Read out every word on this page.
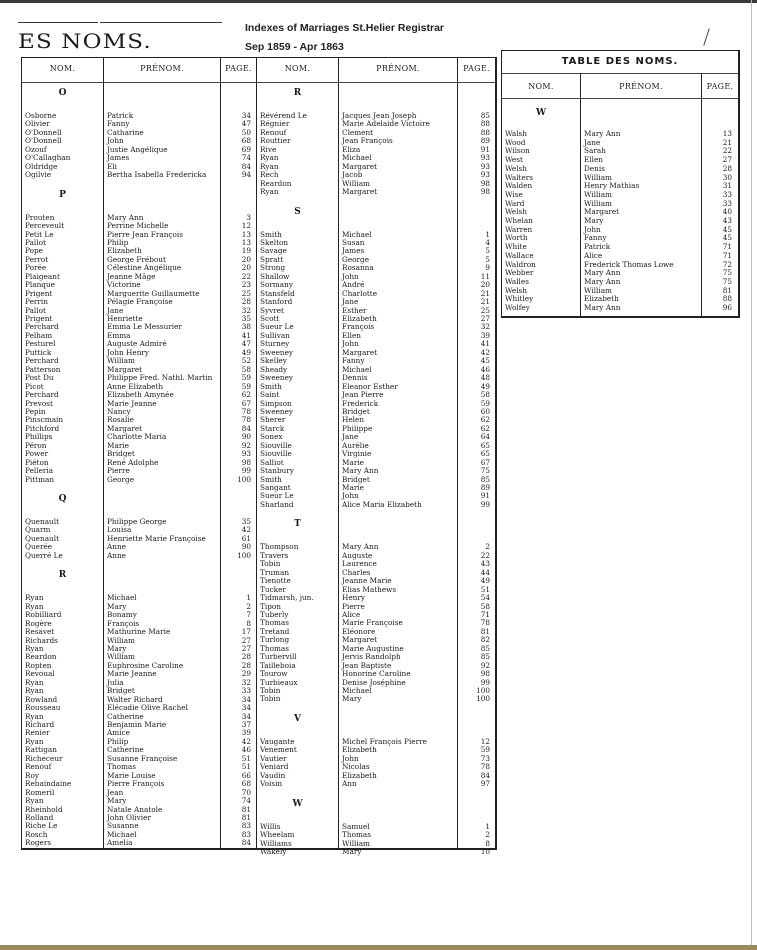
ES NOMS.
Indexes of Marriages St.Helier Registrar
Sep 1859 - Apr 1863
NOM.	PRÉNOM.	PAGE.	NOM.	PRÉNOM.	PAGE.
O
Osborne	Patrick	34
Olivier	Fanny	47
O'Donnell	Catharine	50
O'Donnell	John	68
Ozouf	Justie Angélique	69
O'Callaghan	James	74
Oldridge	Eli	84
Ogilvie	Bertha Isabella Fredericka	94
P
Prouten	Mary Ann	3
Perceveult	Perrine Michelle	12
Petit Le	Pierre Jean François	13
Pallot	Philip	13
Pope	Elizabeth	19
Perrot	George Frébout	20
Porée	Célestine Angélique	20
Plaigeant	Jeanne Mâge	22
Planque	Victorine	23
Prigent	Marguerite Guillaumette	25
Perrin	Pélagie Françoise	28
Pallot	Jane	32
Prigent	Henriette	35
Perchard	Emma Le Messurier	38
Pelham	Emma	41
Pesturel	Auguste Admiré	47
Puttick	John Henry	49
Perchard	William	52
Patterson	Margaret	58
Post Du	Philippe Fred. Nathl. Martin	59
Picot	Anne Elizabeth	59
Perchard	Elizabeth Amynée	62
Prevost	Marie Jeanne	67
Pepin	Nancy	78
Pinscmain	Rosalie	78
Pitchford	Margaret	84
Phillips	Charlotte Maria	90
Péron	Marie	92
Power	Bridget	93
Piéton	René Adolphe	98
Pelleria	Pierre	99
Pittman	George	100
Q
Quenault	Philippe George	35
Quarm	Louisa	42
Quenault	Henriette Marie Françoise	61
Querée	Anne	90
Querré Le	Anne	100
R
Ryan	Michael	1
Ryan	Mary	2
Robilliard	Bonamy	7
Rogère	François	8
Resavet	Mathurine Marie	17
Richards	William	27
Ryan	Mary	27
Reardon	William	28
Ropten	Euphrosine Caroline	28
Revoual	Marie Jeanne	29
Ryan	Julia	32
Ryan	Bridget	33
Rowland	Walter Richard	34
Rousseau	Elécadie Olive Rachel	34
Ryan	Catherine	34
Richard	Benjamin Marie	37
Renier	Amice	39
Ryan	Philip	42
Rattigan	Catherine	46
Richeceur	Susanne Françoise	51
Renouf	Thomas	51
Roy	Marie Louise	66
Rebaindaine	Pierre François	68
Romeril	Jean	70
Ryan	Mary	74
Rheinhold	Natale Anatole	81
Rolland	John Olivier	81
Riche Le	Susanne	83
Rosch	Michael	83
Rogers	Amelia	84
R
Révérend Le	Jacques Jean Joseph	85
Régnier	Marie Adelaide Victoire	88
Renouf	Clement	88
Routtier	Jean François	89
Rive	Eliza	91
Ryan	Michael	93
Ryan	Margaret	93
Rech	Jacob	93
Reardon	William	98
Ryan	Margaret	98
S
Smith	Michael	1
Skelton	Susan	4
Savage	James	5
Spratt	George	5
Strong	Rosanna	9
Shallow	John	11
Sormany	André	20
Stansfeld	Charlotte	21
Stanford	Jane	21
Syvret	Esther	25
Scott	Elizabeth	27
Sueur Le	François	32
Sullivan	Ellen	39
Sturney	John	41
Sweeney	Margaret	42
Skelley	Fanny	45
Sheady	Michael	46
Sweeney	Dennis	48
Smith	Eleanor Esther	49
Saint	Jean Pierre	58
Simpson	Frederick	59
Sweeney	Bridget	60
Sherer	Helen	62
Starck	Philippe	62
Sonex	Jane	64
Siouville	Aurélie	65
Siouville	Virginie	65
Salliot	Marie	67
Stanbury	Mary Ann	75
Smith	Bridget	85
Sangant	Marie	89
Sueur Le	John	91
Sharland	Alice Maria Elizabeth	99
T
Thompson	Mary Ann	2
Travers	Auguste	22
Tobin	Laurence	43
Truman	Charles	44
Tienotte	Jeanne Marie	49
Tucker	Elias Mathews	51
Tidmarsh, jun.	Henry	54
Tipon	Pierre	58
Tuberly	Alice	71
Thomas	Marie Françoise	78
Tretand	Eléonore	81
Turlong	Margaret	82
Thomas	Marie Augustine	85
Turbervill	Jervis Randolph	85
Tailleboia	Jean Baptiste	92
Tourow	Honorine Caroline	98
Turbieaux	Denise Joséphine	99
Tobin	Michael	100
Tobin	Mary	100
V
Vaugante	Michel François Pierre	12
Venement	Elizabeth	59
Vautier	John	73
Veniard	Nicolas	78
Vaudin	Elizabeth	84
Voisin	Ann	97
W
Willis	Samuel	1
Wheelam	Thomas	2
Williams	William	8
Wakely	Mary	10
TABLE DES NOMS.
NOM.	PRÉNOM.	PAGE.
W
Walsh	Mary Ann	13
Wood	Jane	21
Wilson	Sarah	22
West	Ellen	27
Welsh	Denis	28
Walters	William	30
Walden	Henry Mathias	31
Wise	William	33
Ward	William	33
Welsh	Margaret	40
Whelan	Mary	43
Warren	John	45
Worth	Fanny	45
White	Patrick	71
Wallace	Alice	71
Waldron	Frederick Thomas Lowe	72
Webber	Mary Ann	75
Walles	Mary Ann	75
Welsh	William	81
Whitley	Elizabeth	88
Wolfey	Mary Ann	96
